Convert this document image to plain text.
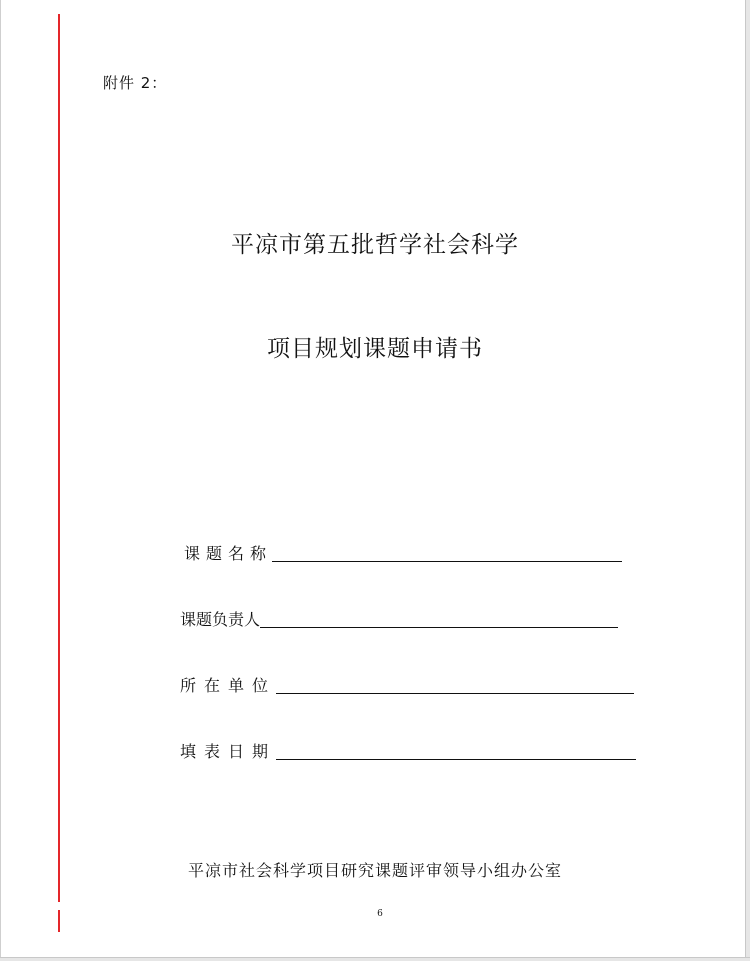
附件 2：
平凉市第五批哲学社会科学
项目规划课题申请书
课题名称
课题负责人
所在单位
填表日期
平凉市社会科学项目研究课题评审领导小组办公室
6
